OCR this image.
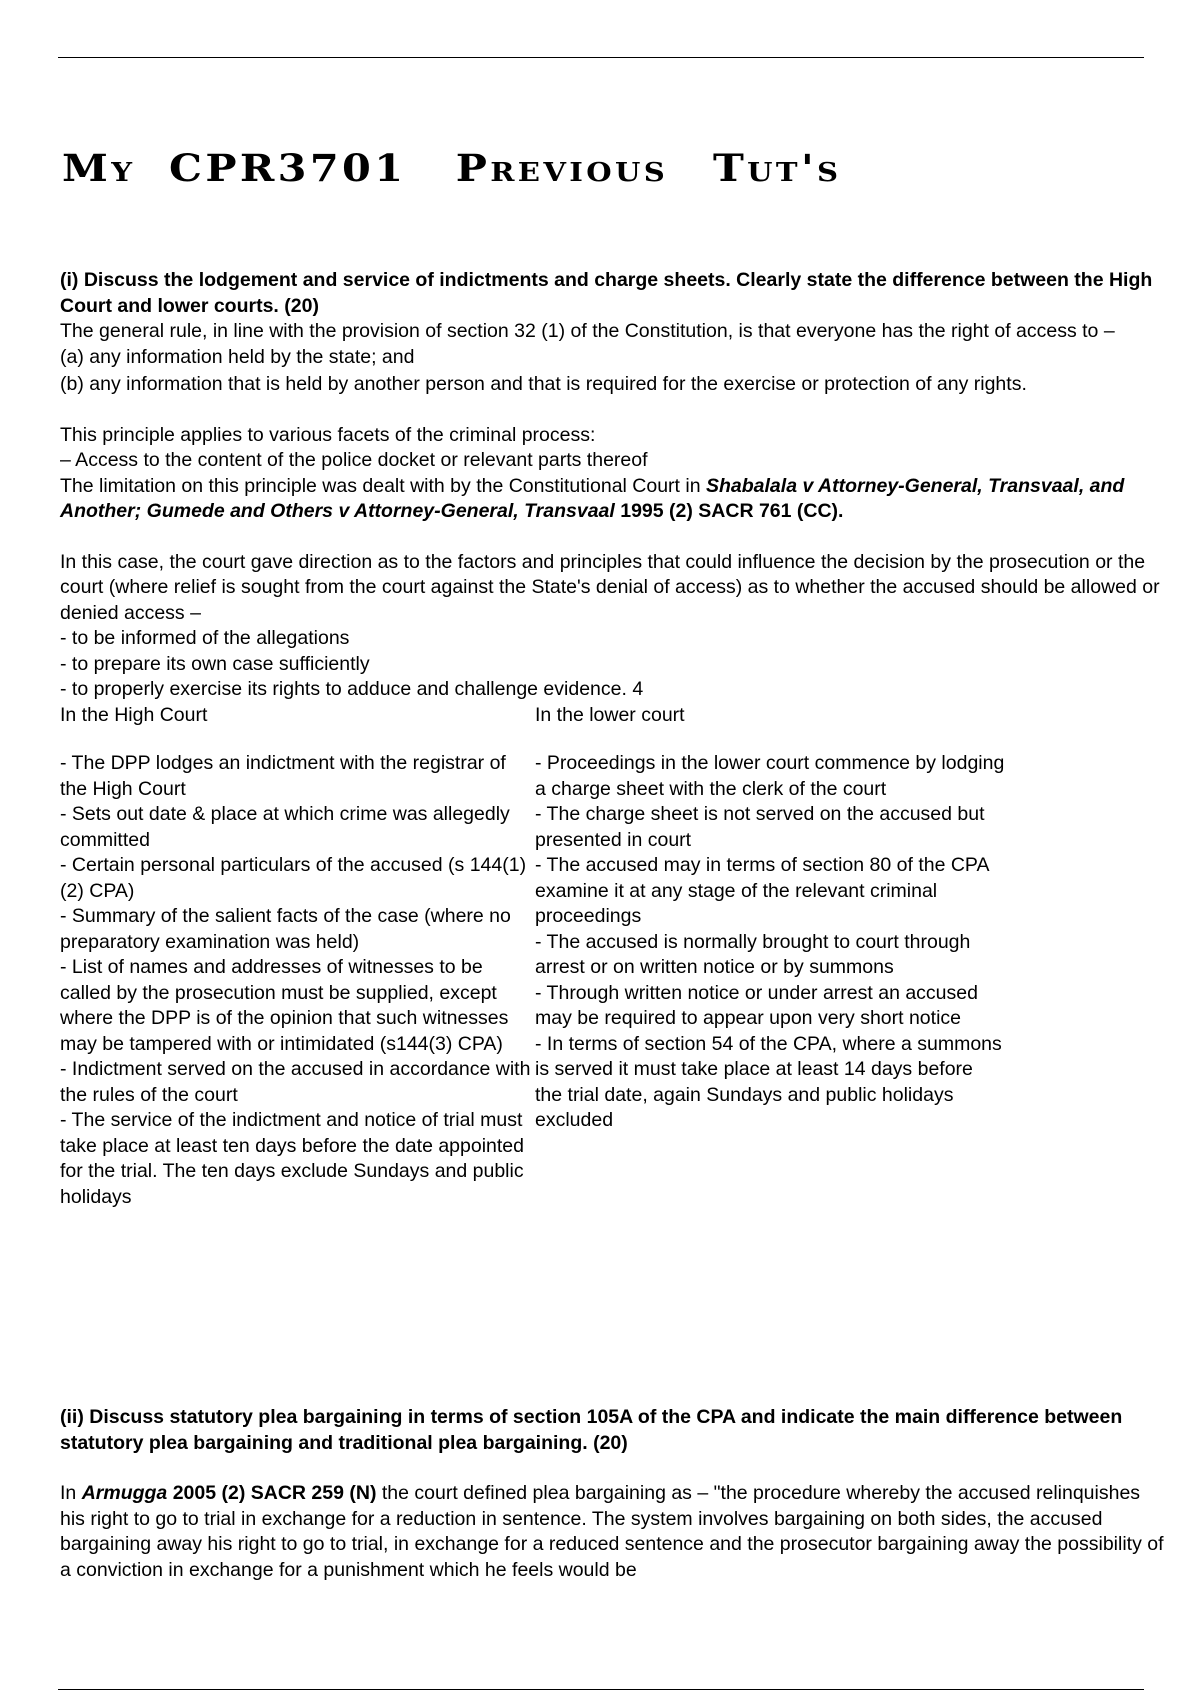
My CPR3701 Previous Tut's

(i) Discuss the lodgement and service of indictments and charge sheets. Clearly state the difference between the High Court and lower courts. (20)

The general rule, in line with the provision of section 32 (1) of the Constitution, is that everyone has the right of access to –

(a) any information held by the state; and

(b) any information that is held by another person and that is required for the exercise or protection of any rights.

This principle applies to various facets of the criminal process:

– Access to the content of the police docket or relevant parts thereof

The limitation on this principle was dealt with by the Constitutional Court in Shabalala v Attorney-General, Transvaal, and Another; Gumede and Others v Attorney-General, Transvaal 1995 (2) SACR 761 (CC).

In this case, the court gave direction as to the factors and principles that could influence the decision by the prosecution or the court (where relief is sought from the court against the State's denial of access) as to whether the accused should be allowed or denied access –

- to be informed of the allegations

- to prepare its own case sufficiently

- to properly exercise its rights to adduce and challenge evidence. 4

In the High Court

- The DPP lodges an indictment with the registrar of the High Court

- Sets out date & place at which crime was allegedly committed

- Certain personal particulars of the accused (s 144(1)(2) CPA)

- Summary of the salient facts of the case (where no preparatory examination was held)

- List of names and addresses of witnesses to be called by the prosecution must be supplied, except where the DPP is of the opinion that such witnesses may be tampered with or intimidated (s144(3) CPA)

- Indictment served on the accused in accordance with the rules of the court

- The service of the indictment and notice of trial must take place at least ten days before the date appointed for the trial. The ten days exclude Sundays and public holidays

In the lower court

- Proceedings in the lower court commence by lodging a charge sheet with the clerk of the court

- The charge sheet is not served on the accused but presented in court

- The accused may in terms of section 80 of the CPA examine it at any stage of the relevant criminal proceedings

- The accused is normally brought to court through arrest or on written notice or by summons

- Through written notice or under arrest an accused may be required to appear upon very short notice

- In terms of section 54 of the CPA, where a summons is served it must take place at least 14 days before the trial date, again Sundays and public holidays excluded

(ii) Discuss statutory plea bargaining in terms of section 105A of the CPA and indicate the main difference between statutory plea bargaining and traditional plea bargaining. (20)

In Armugga 2005 (2) SACR 259 (N) the court defined plea bargaining as – "the procedure whereby the accused relinquishes his right to go to trial in exchange for a reduction in sentence. The system involves bargaining on both sides, the accused bargaining away his right to go to trial, in exchange for a reduced sentence and the prosecutor bargaining away the possibility of a conviction in exchange for a punishment which he feels would be
